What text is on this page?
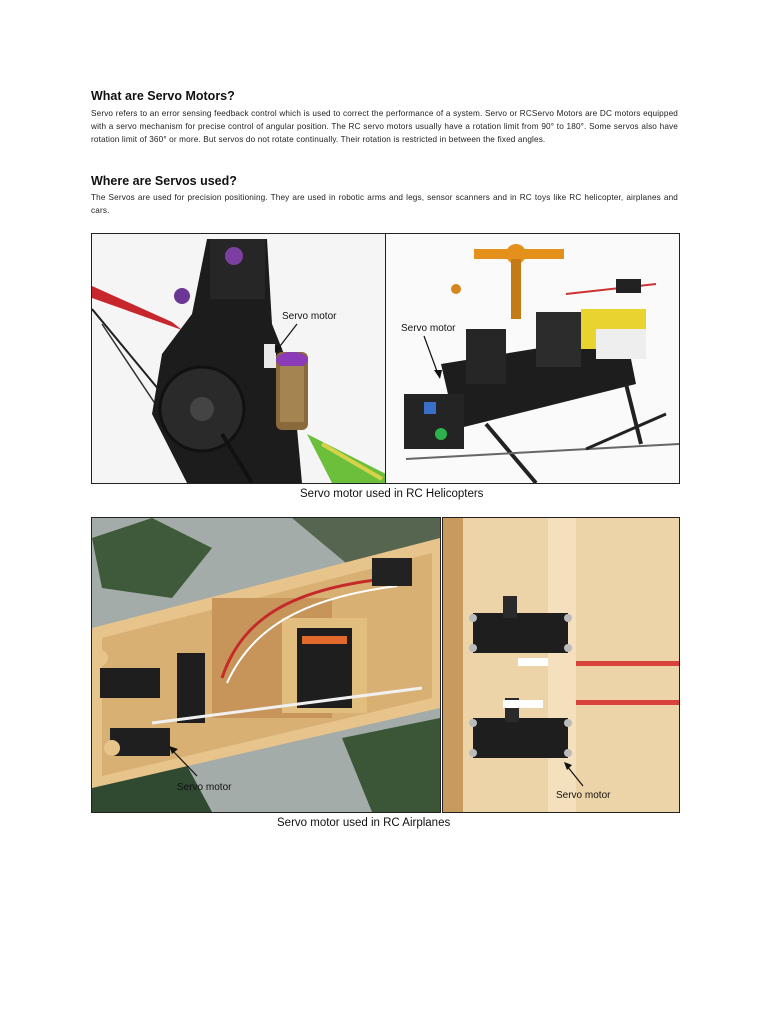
What are Servo Motors?

Servo refers to an error sensing feedback control which is used to correct the performance of a system. Servo or RCServo Motors are DC motors equipped with a servo mechanism for precise control of angular position. The RC servo motors usually have a rotation limit from 90° to 180°. Some servos also have rotation limit of 360° or more. But servos do not rotate continually. Their rotation is restricted in between the fixed angles.

Where are Servos used?

The Servos are used for precision positioning. They are used in robotic arms and legs, sensor scanners and in RC toys like RC helicopter, airplanes and cars.

Servo motor
Servo motor
Servo motor used in RC Helicopters
Servo motor
Servo motor
Servo motor used in RC Airplanes
